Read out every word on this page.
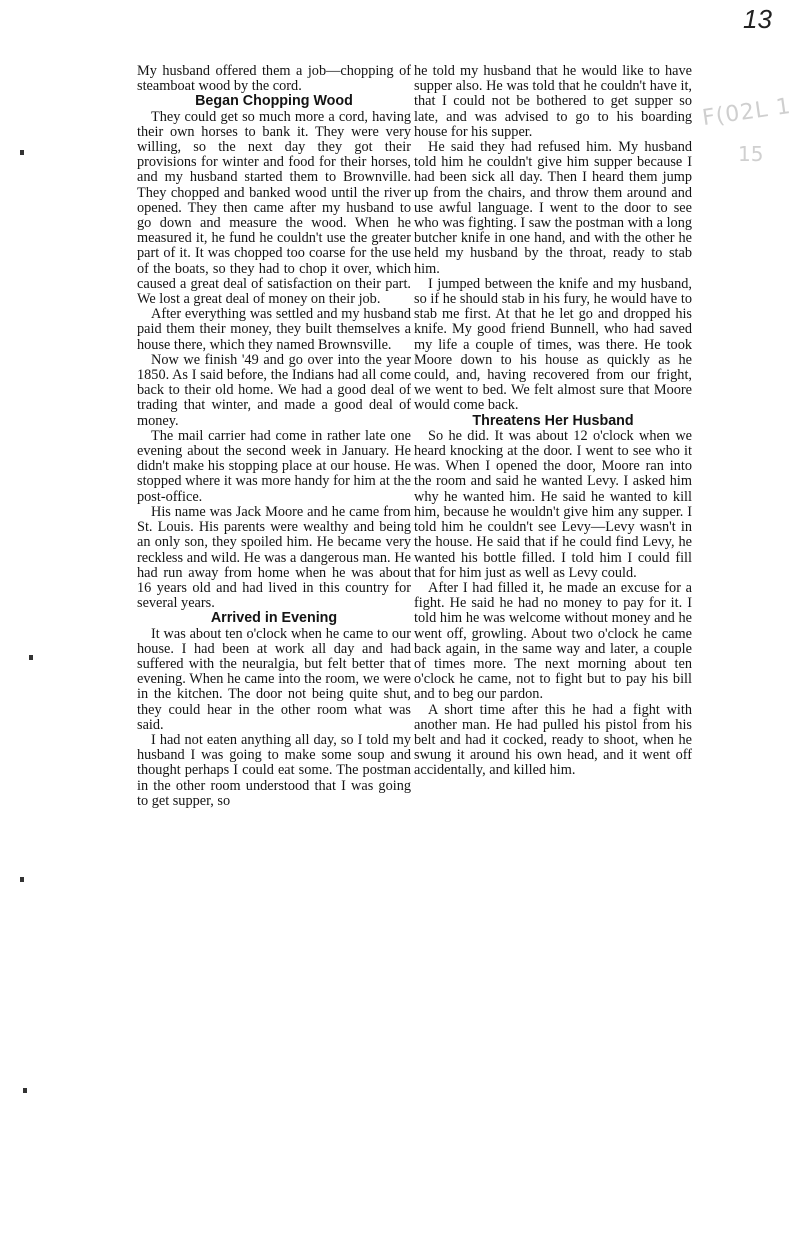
13
F(02L 1
15

My husband offered them a job—chopping of steamboat wood by the cord.

Began Chopping Wood

They could get so much more a cord, having their own horses to bank it. They were very willing, so the next day they got their provisions for winter and food for their horses, and my husband started them to Brownville. They chopped and banked wood until the river opened. They then came after my husband to go down and measure the wood. When he measured it, he fund he couldn't use the greater part of it. It was chopped too coarse for the use of the boats, so they had to chop it over, which caused a great deal of satisfaction on their part. We lost a great deal of money on their job.

After everything was settled and my husband paid them their money, they built themselves a house there, which they named Brownsville.

Now we finish '49 and go over into the year 1850. As I said before, the Indians had all come back to their old home. We had a good deal of trading that winter, and made a good deal of money.

The mail carrier had come in rather late one evening about the second week in January. He didn't make his stopping place at our house. He stopped where it was more handy for him at the post-office.

His name was Jack Moore and he came from St. Louis. His parents were wealthy and being an only son, they spoiled him. He became very reckless and wild. He was a dangerous man. He had run away from home when he was about 16 years old and had lived in this country for several years.

Arrived in Evening

It was about ten o'clock when he came to our house. I had been at work all day and had suffered with the neuralgia, but felt better that evening. When he came into the room, we were in the kitchen. The door not being quite shut, they could hear in the other room what was said.

I had not eaten anything all day, so I told my husband I was going to make some soup and thought perhaps I could eat some. The postman in the other room understood that I was going to get supper, so

he told my husband that he would like to have supper also. He was told that he couldn't have it, that I could not be bothered to get supper so late, and was advised to go to his boarding house for his supper.

He said they had refused him. My husband told him he couldn't give him supper because I had been sick all day. Then I heard them jump up from the chairs, and throw them around and use awful language. I went to the door to see who was fighting. I saw the postman with a long butcher knife in one hand, and with the other he held my husband by the throat, ready to stab him.

I jumped between the knife and my husband, so if he should stab in his fury, he would have to stab me first. At that he let go and dropped his knife. My good friend Bunnell, who had saved my life a couple of times, was there. He took Moore down to his house as quickly as he could, and, having recovered from our fright, we went to bed. We felt almost sure that Moore would come back.

Threatens Her Husband

So he did. It was about 12 o'clock when we heard knocking at the door. I went to see who it was. When I opened the door, Moore ran into the room and said he wanted Levy. I asked him why he wanted him. He said he wanted to kill him, because he wouldn't give him any supper. I told him he couldn't see Levy—Levy wasn't in the house. He said that if he could find Levy, he wanted his bottle filled. I told him I could fill that for him just as well as Levy could.

After I had filled it, he made an excuse for a fight. He said he had no money to pay for it. I told him he was welcome without money and he went off, growling. About two o'clock he came back again, in the same way and later, a couple of times more. The next morning about ten o'clock he came, not to fight but to pay his bill and to beg our pardon.

A short time after this he had a fight with another man. He had pulled his pistol from his belt and had it cocked, ready to shoot, when he swung it around his own head, and it went off accidentally, and killed him.
